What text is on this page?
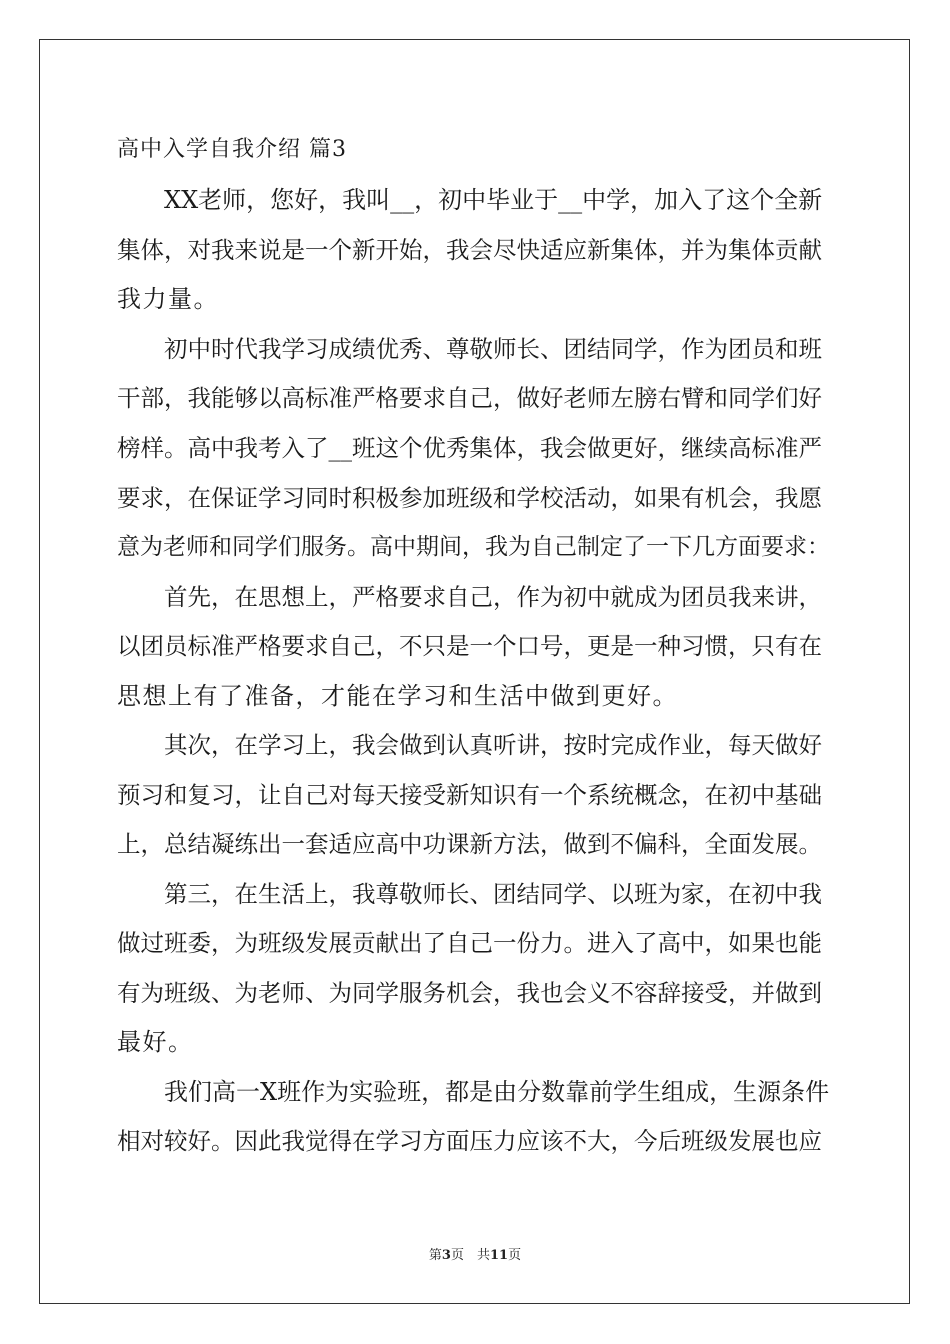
高中入学自我介绍 篇3
XX老师，您好，我叫__，初中毕业于__中学，加入了这个全新
集体，对我来说是一个新开始，我会尽快适应新集体，并为集体贡献
我力量。
初中时代我学习成绩优秀、尊敬师长、团结同学，作为团员和班
干部，我能够以高标准严格要求自己，做好老师左膀右臂和同学们好
榜样。高中我考入了__班这个优秀集体，我会做更好，继续高标准严
要求，在保证学习同时积极参加班级和学校活动，如果有机会，我愿
意为老师和同学们服务。高中期间，我为自己制定了一下几方面要求：
首先，在思想上，严格要求自己，作为初中就成为团员我来讲，
以团员标准严格要求自己，不只是一个口号，更是一种习惯，只有在
思想上有了准备，才能在学习和生活中做到更好。
其次，在学习上，我会做到认真听讲，按时完成作业，每天做好
预习和复习，让自己对每天接受新知识有一个系统概念，在初中基础
上，总结凝练出一套适应高中功课新方法，做到不偏科，全面发展。
第三，在生活上，我尊敬师长、团结同学、以班为家，在初中我
做过班委，为班级发展贡献出了自己一份力。进入了高中，如果也能
有为班级、为老师、为同学服务机会，我也会义不容辞接受，并做到
最好。
我们高一X班作为实验班，都是由分数靠前学生组成，生源条件
相对较好。因此我觉得在学习方面压力应该不大，今后班级发展也应
第3页　共11页
